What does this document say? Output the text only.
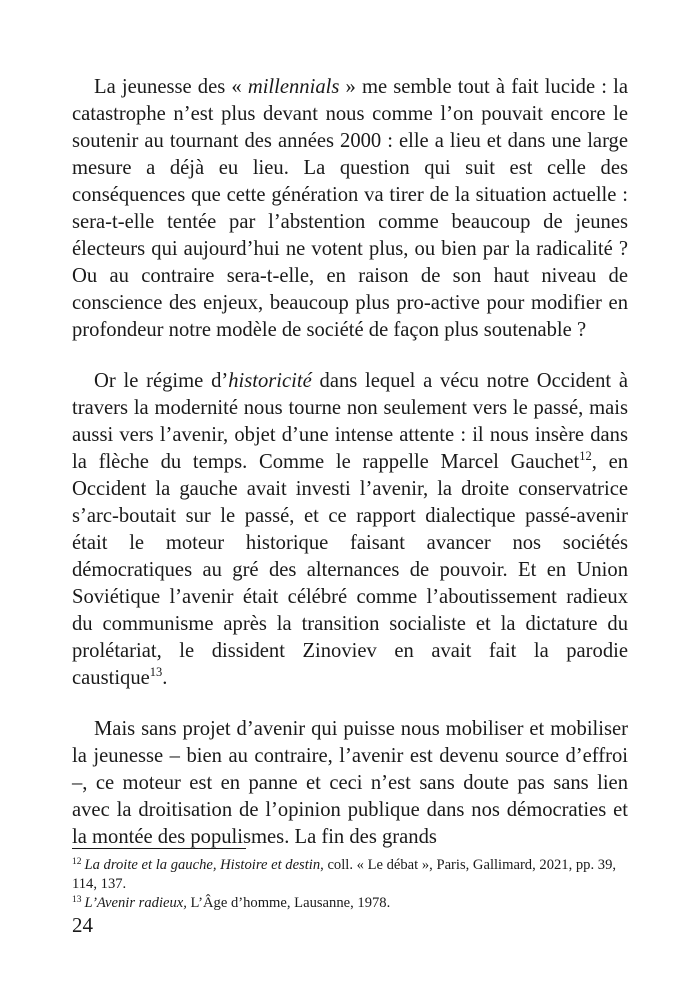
La jeunesse des « millennials » me semble tout à fait lucide : la catastrophe n’est plus devant nous comme l’on pouvait encore le soutenir au tournant des années 2000 : elle a lieu et dans une large mesure a déjà eu lieu. La question qui suit est celle des conséquences que cette génération va tirer de la situation actuelle : sera-t-elle tentée par l’abstention comme beaucoup de jeunes électeurs qui aujourd’hui ne votent plus, ou bien par la radicalité ? Ou au contraire sera-t-elle, en raison de son haut niveau de conscience des enjeux, beaucoup plus pro-active pour modifier en profondeur notre modèle de société de façon plus soutenable ?

Or le régime d’historicité dans lequel a vécu notre Occident à travers la modernité nous tourne non seulement vers le passé, mais aussi vers l’avenir, objet d’une intense attente : il nous insère dans la flèche du temps. Comme le rappelle Marcel Gauchet$^{12}$, en Occident la gauche avait investi l’avenir, la droite conservatrice s’arc-boutait sur le passé, et ce rapport dialectique passé-avenir était le moteur historique faisant avancer nos sociétés démocratiques au gré des alternances de pouvoir. Et en Union Soviétique l’avenir était célébré comme l’aboutissement radieux du communisme après la transition socialiste et la dictature du prolétariat, le dissident Zinoviev en avait fait la parodie caustique$^{13}$.

Mais sans projet d’avenir qui puisse nous mobiliser et mobiliser la jeunesse – bien au contraire, l’avenir est devenu source d’effroi –, ce moteur est en panne et ceci n’est sans doute pas sans lien avec la droitisation de l’opinion publique dans nos démocraties et la montée des populismes. La fin des grands

$^{12}$ La droite et la gauche, Histoire et destin, coll. « Le débat », Paris, Gallimard, 2021, pp. 39, 114, 137.

$^{13}$ L’Avenir radieux, L’Âge d’homme, Lausanne, 1978.

24
